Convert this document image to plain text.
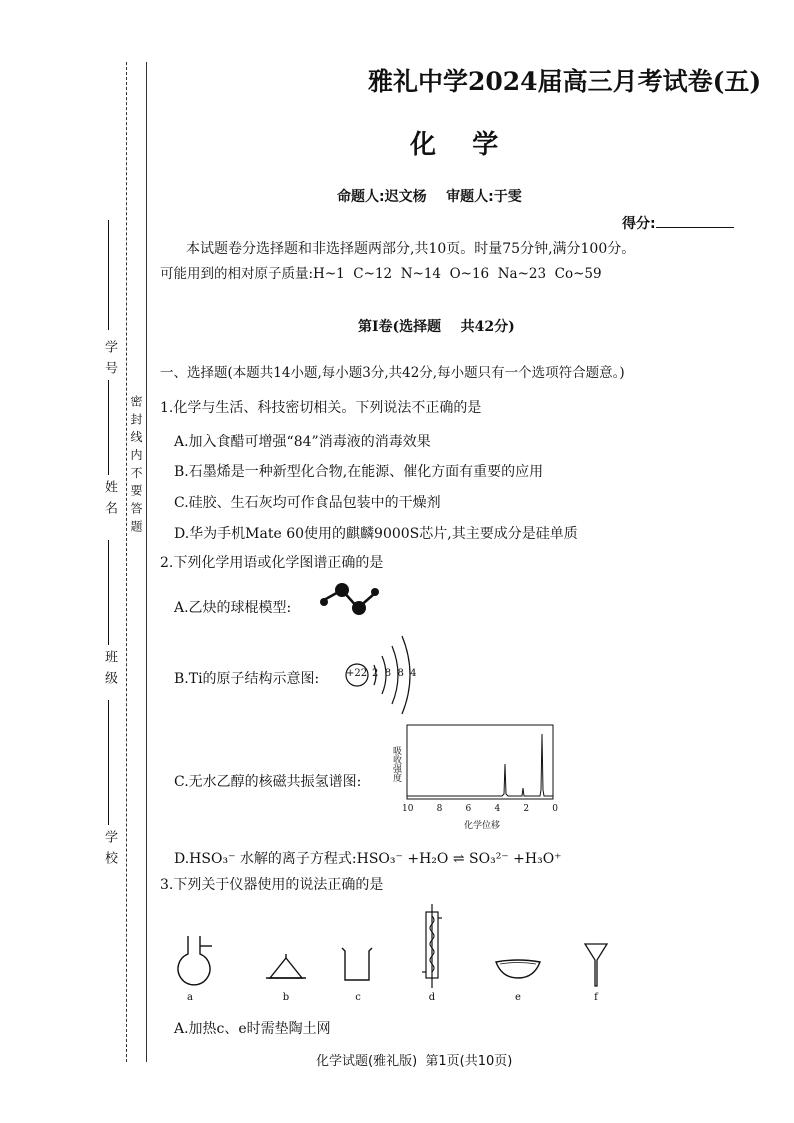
学 号
姓 名
班 级
学 校
密 封 线 内 不 要 答 题
雅礼中学2024届高三月考试卷(五)
化    学
命题人:迟文杨    审题人:于雯
得分:
本试题卷分选择题和非选择题两部分,共10页。时量75分钟,满分100分。
可能用到的相对原子质量:H~1  C~12  N~14  O~16  Na~23  Co~59
第Ⅰ卷(选择题    共42分)
一、选择题(本题共14小题,每小题3分,共42分,每小题只有一个选项符合题意。)
1.化学与生活、科技密切相关。下列说法不正确的是
A.加入食醋可增强“84”消毒液的消毒效果
B.石墨烯是一种新型化合物,在能源、催化方面有重要的应用
C.硅胶、生石灰均可作食品包装中的干燥剂
D.华为手机Mate 60使用的麒麟9000S芯片,其主要成分是硅单质
2.下列化学用语或化学图谱正确的是
A.乙炔的球棍模型:
B.Ti的原子结构示意图:	+22 2  8  8  4
C.无水乙醇的核磁共振氢谱图:	吸收强度
10	8	6	4	2	0
化学位移
D.HSO₃⁻ 水解的离子方程式:HSO₃⁻ +H₂O ⇌ SO₃²⁻ +H₃O⁺
3.下列关于仪器使用的说法正确的是
a	b	c	d	e	f
A.加热c、e时需垫陶土网
化学试题(雅礼版)  第1页(共10页)
